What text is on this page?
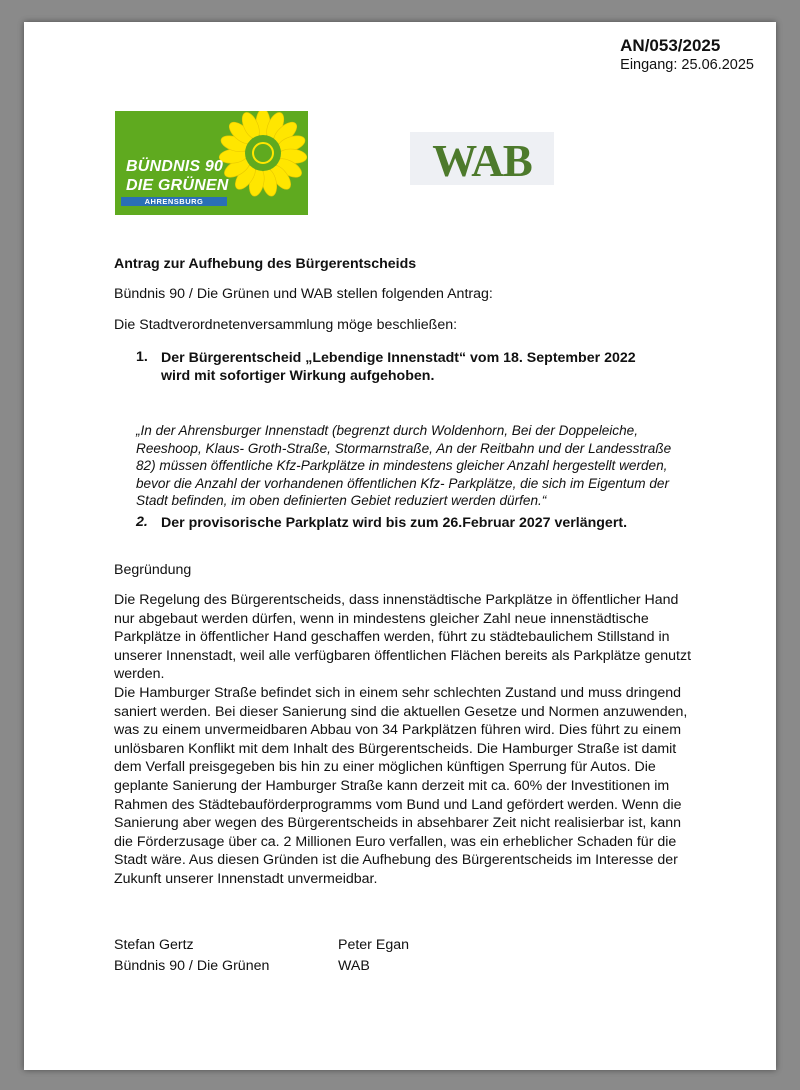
AN/053/2025
Eingang: 25.06.2025
BÜNDNIS 90
DIE GRÜNEN
AHRENSBURG
WAB
Antrag zur Aufhebung des Bürgerentscheids
Bündnis 90 / Die Grünen und WAB stellen folgenden Antrag:
Die Stadtverordnetenversammlung möge beschließen:
1. Der Bürgerentscheid „Lebendige Innenstadt“ vom 18. September 2022
wird mit sofortiger Wirkung aufgehoben.
„In der Ahrensburger Innenstadt (begrenzt durch Woldenhorn, Bei der Doppeleiche,
Reeshoop, Klaus- Groth-Straße, Stormarnstraße, An der Reitbahn und der Landesstraße
82) müssen öffentliche Kfz-Parkplätze in mindestens gleicher Anzahl hergestellt werden,
bevor die Anzahl der vorhandenen öffentlichen Kfz- Parkplätze, die sich im Eigentum der
Stadt befinden, im oben definierten Gebiet reduziert werden dürfen.“
2. Der provisorische Parkplatz wird bis zum 26.Februar 2027 verlängert.
Begründung
Die Regelung des Bürgerentscheids, dass innenstädtische Parkplätze in öffentlicher Hand
nur abgebaut werden dürfen, wenn in mindestens gleicher Zahl neue innenstädtische
Parkplätze in öffentlicher Hand geschaffen werden, führt zu städtebaulichem Stillstand in
unserer Innenstadt, weil alle verfügbaren öffentlichen Flächen bereits als Parkplätze genutzt
werden.
Die Hamburger Straße befindet sich in einem sehr schlechten Zustand und muss dringend
saniert werden. Bei dieser Sanierung sind die aktuellen Gesetze und Normen anzuwenden,
was zu einem unvermeidbaren Abbau von 34 Parkplätzen führen wird. Dies führt zu einem
unlösbaren Konflikt mit dem Inhalt des Bürgerentscheids. Die Hamburger Straße ist damit
dem Verfall preisgegeben bis hin zu einer möglichen künftigen Sperrung für Autos. Die
geplante Sanierung der Hamburger Straße kann derzeit mit ca. 60% der Investitionen im
Rahmen des Städtebauförderprogramms vom Bund und Land gefördert werden. Wenn die
Sanierung aber wegen des Bürgerentscheids in absehbarer Zeit nicht realisierbar ist, kann
die Förderzusage über ca. 2 Millionen Euro verfallen, was ein erheblicher Schaden für die
Stadt wäre. Aus diesen Gründen ist die Aufhebung des Bürgerentscheids im Interesse der
Zukunft unserer Innenstadt unvermeidbar.
Stefan Gertz
Bündnis 90 / Die Grünen
Peter Egan
WAB
